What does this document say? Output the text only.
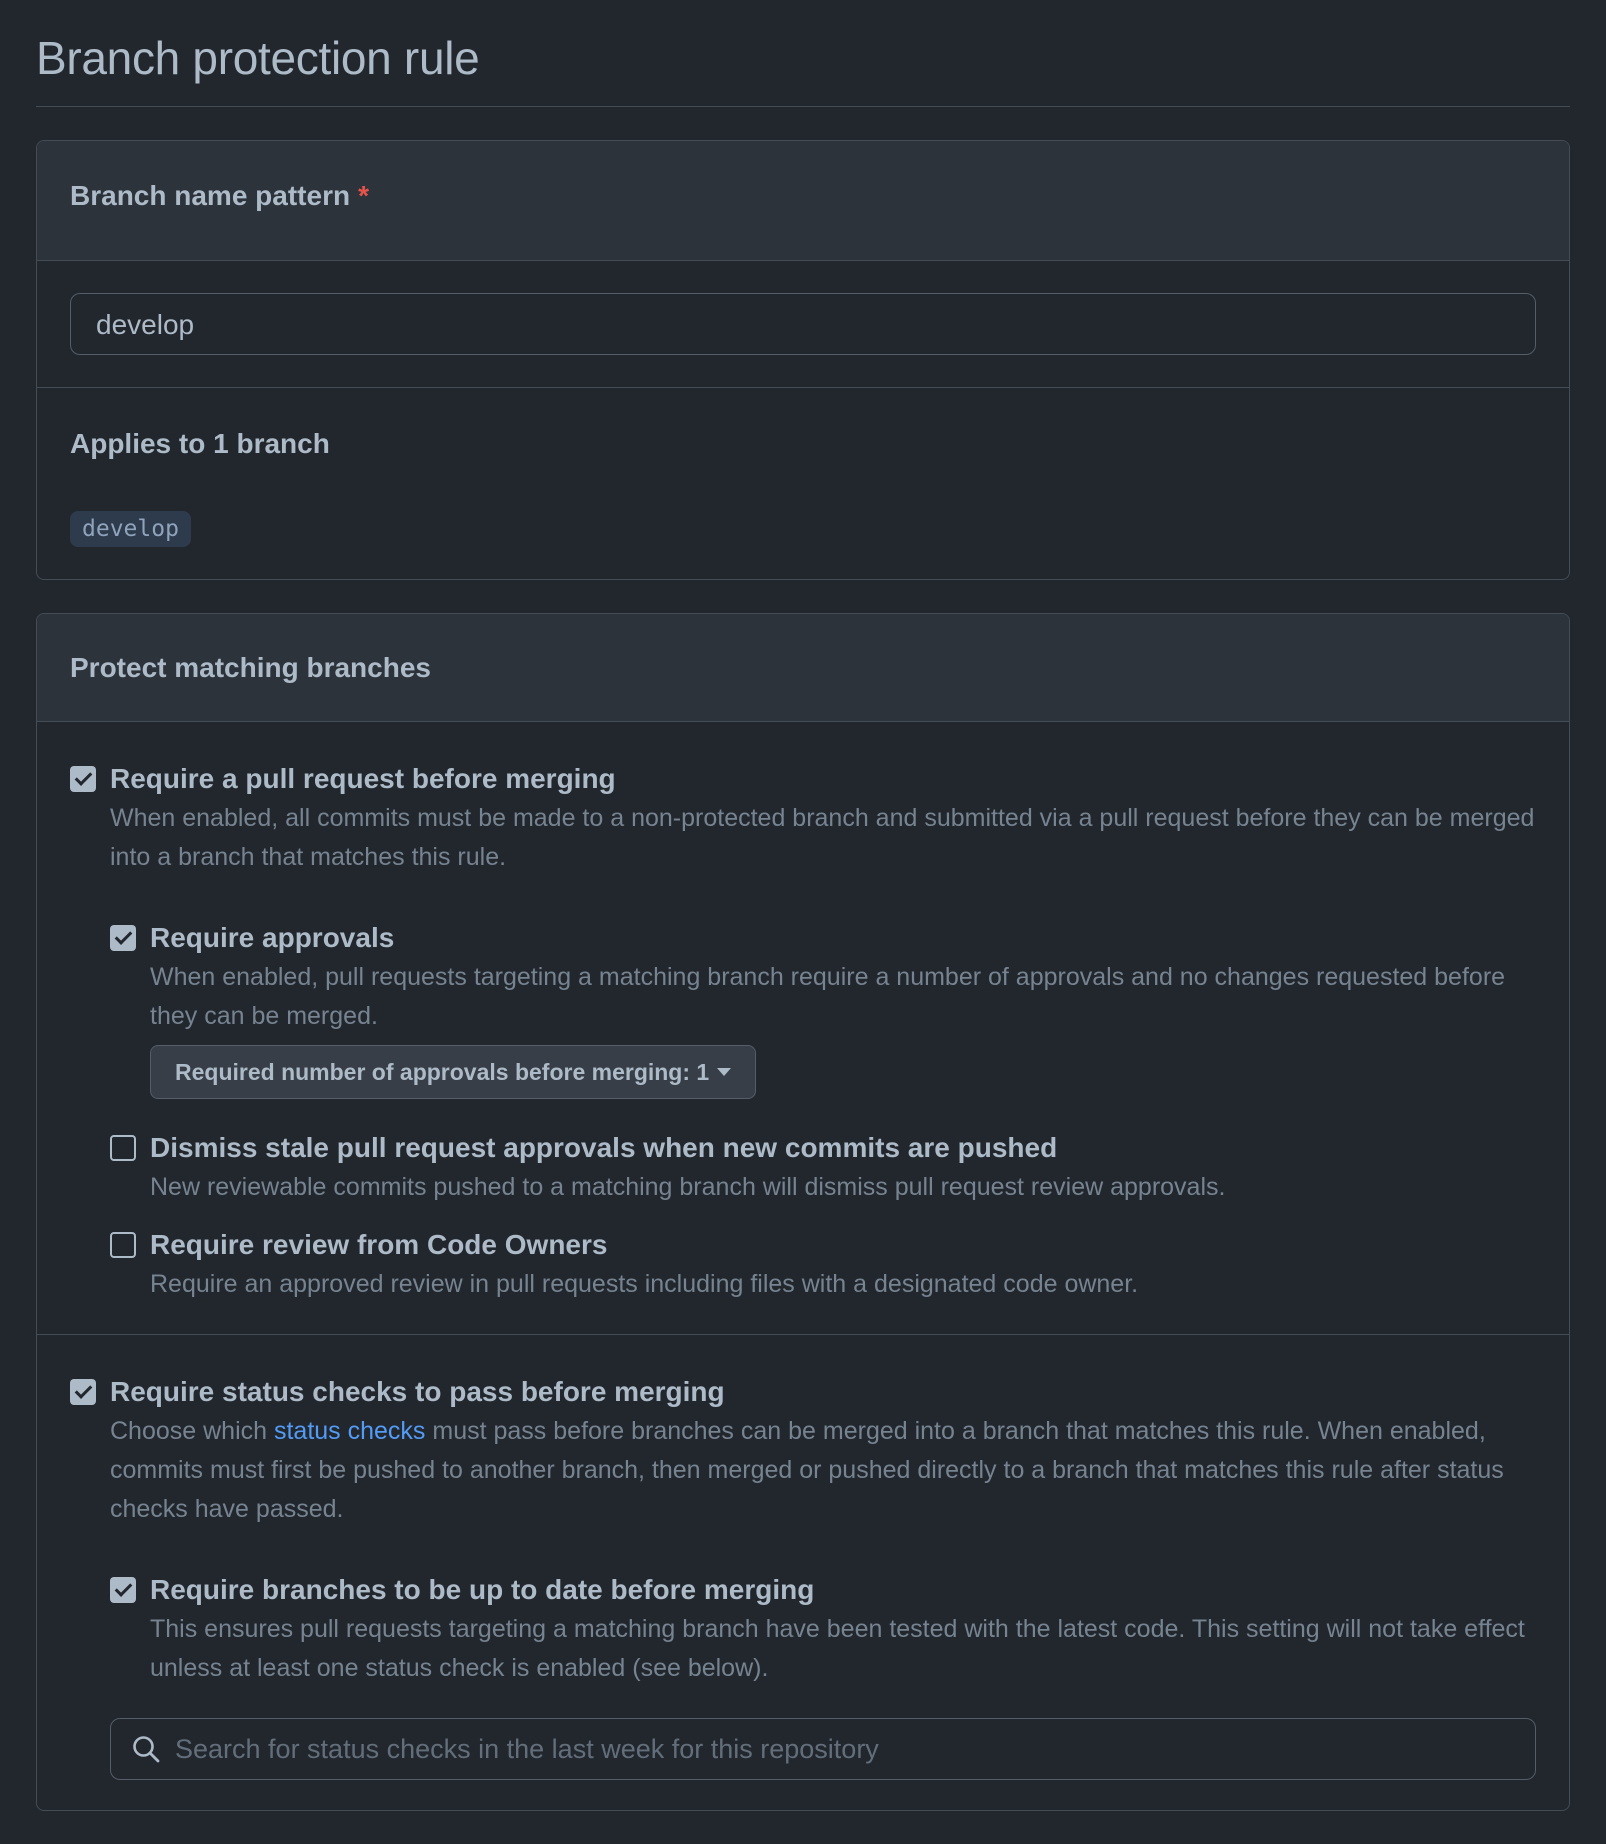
Branch protection rule
Branch name pattern *
develop
Applies to 1 branch
develop
Protect matching branches
Require a pull request before merging
When enabled, all commits must be made to a non-protected branch and submitted via a pull request before they can be merged into a branch that matches this rule.
Require approvals
When enabled, pull requests targeting a matching branch require a number of approvals and no changes requested before they can be merged.
Required number of approvals before merging: 1
Dismiss stale pull request approvals when new commits are pushed
New reviewable commits pushed to a matching branch will dismiss pull request review approvals.
Require review from Code Owners
Require an approved review in pull requests including files with a designated code owner.
Require status checks to pass before merging
Choose which status checks must pass before branches can be merged into a branch that matches this rule. When enabled, commits must first be pushed to another branch, then merged or pushed directly to a branch that matches this rule after status checks have passed.
Require branches to be up to date before merging
This ensures pull requests targeting a matching branch have been tested with the latest code. This setting will not take effect unless at least one status check is enabled (see below).
Search for status checks in the last week for this repository
